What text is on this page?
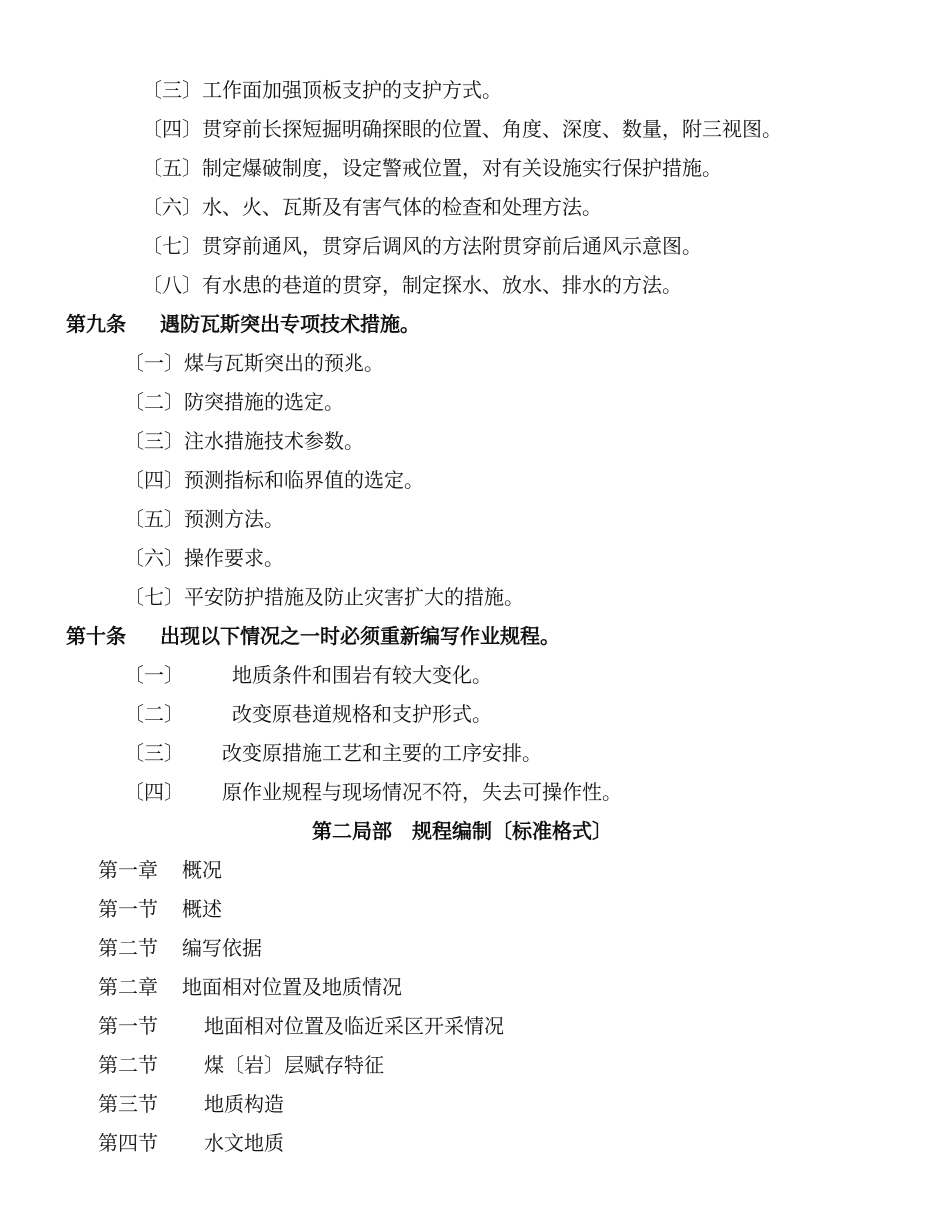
〔三〕工作面加强顶板支护的支护方式。
〔四〕贯穿前长探短掘明确探眼的位置、角度、深度、数量，附三视图。
〔五〕制定爆破制度，设定警戒位置，对有关设施实行保护措施。
〔六〕水、火、瓦斯及有害气体的检查和处理方法。
〔七〕贯穿前通风，贯穿后调风的方法附贯穿前后通风示意图。
〔八〕有水患的巷道的贯穿，制定探水、放水、排水的方法。
第九条 遇防瓦斯突出专项技术措施。
〔一〕煤与瓦斯突出的预兆。
〔二〕防突措施的选定。
〔三〕注水措施技术参数。
〔四〕预测指标和临界值的选定。
〔五〕预测方法。
〔六〕操作要求。
〔七〕平安防护措施及防止灾害扩大的措施。
第十条 出现以下情况之一时必须重新编写作业规程。
〔一〕 地质条件和围岩有较大变化。
〔二〕 改变原巷道规格和支护形式。
〔三〕 改变原措施工艺和主要的工序安排。
〔四〕 原作业规程与现场情况不符，失去可操作性。
第二局部　规程编制〔标准格式〕
第一章 概况
第一节 概述
第二节 编写依据
第二章 地面相对位置及地质情况
第一节 地面相对位置及临近采区开采情况
第二节 煤〔岩〕层赋存特征
第三节 地质构造
第四节 水文地质
